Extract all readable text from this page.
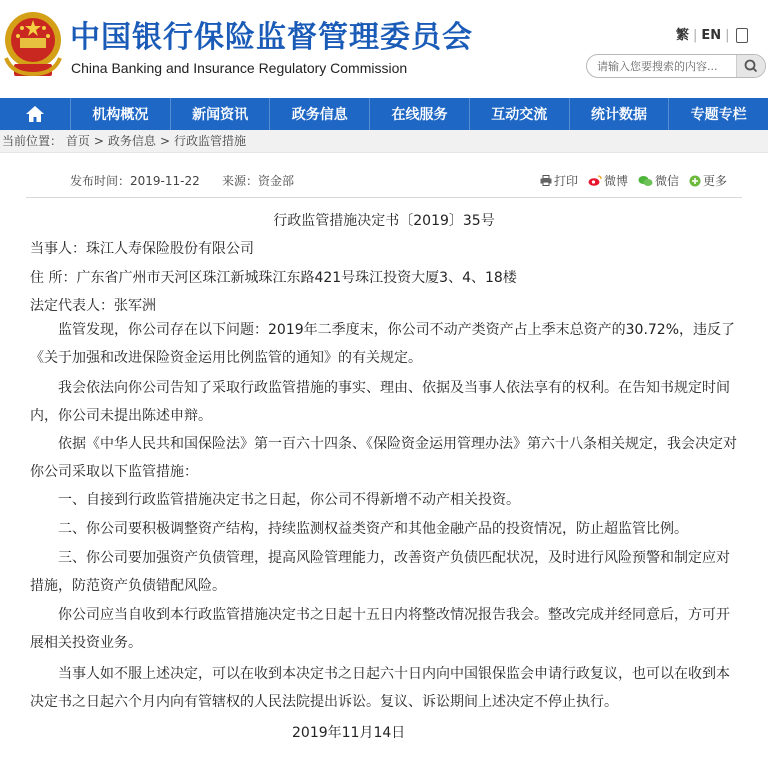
中国银行保险监督管理委员会
China Banking and Insurance Regulatory Commission
繁 | EN |
请输入您要搜索的内容...
机构概况	新闻资讯	政务信息	在线服务	互动交流	统计数据	专题专栏
当前位置： 首页 > 政务信息 > 行政监管措施
发布时间：2019-11-22 来源：资金部	打印 微博 微信 更多
行政监管措施决定书〔2019〕35号
当事人：珠江人寿保险股份有限公司
住 所：广东省广州市天河区珠江新城珠江东路421号珠江投资大厦3、4、18楼
法定代表人：张军洲
监管发现，你公司存在以下问题：2019年二季度末，你公司不动产类资产占上季末总资产的30.72%，违反了《关于加强和改进保险资金运用比例监管的通知》的有关规定。
我会依法向你公司告知了采取行政监管措施的事实、理由、依据及当事人依法享有的权利。在告知书规定时间内，你公司未提出陈述申辩。
依据《中华人民共和国保险法》第一百六十四条、《保险资金运用管理办法》第六十八条相关规定，我会决定对你公司采取以下监管措施：
一、自接到行政监管措施决定书之日起，你公司不得新增不动产相关投资。
二、你公司要积极调整资产结构，持续监测权益类资产和其他金融产品的投资情况，防止超监管比例。
三、你公司要加强资产负债管理，提高风险管理能力，改善资产负债匹配状况，及时进行风险预警和制定应对措施，防范资产负债错配风险。
你公司应当自收到本行政监管措施决定书之日起十五日内将整改情况报告我会。整改完成并经同意后，方可开展相关投资业务。
当事人如不服上述决定，可以在收到本决定书之日起六十日内向中国银保监会申请行政复议，也可以在收到本决定书之日起六个月内向有管辖权的人民法院提出诉讼。复议、诉讼期间上述决定不停止执行。
2019年11月14日
